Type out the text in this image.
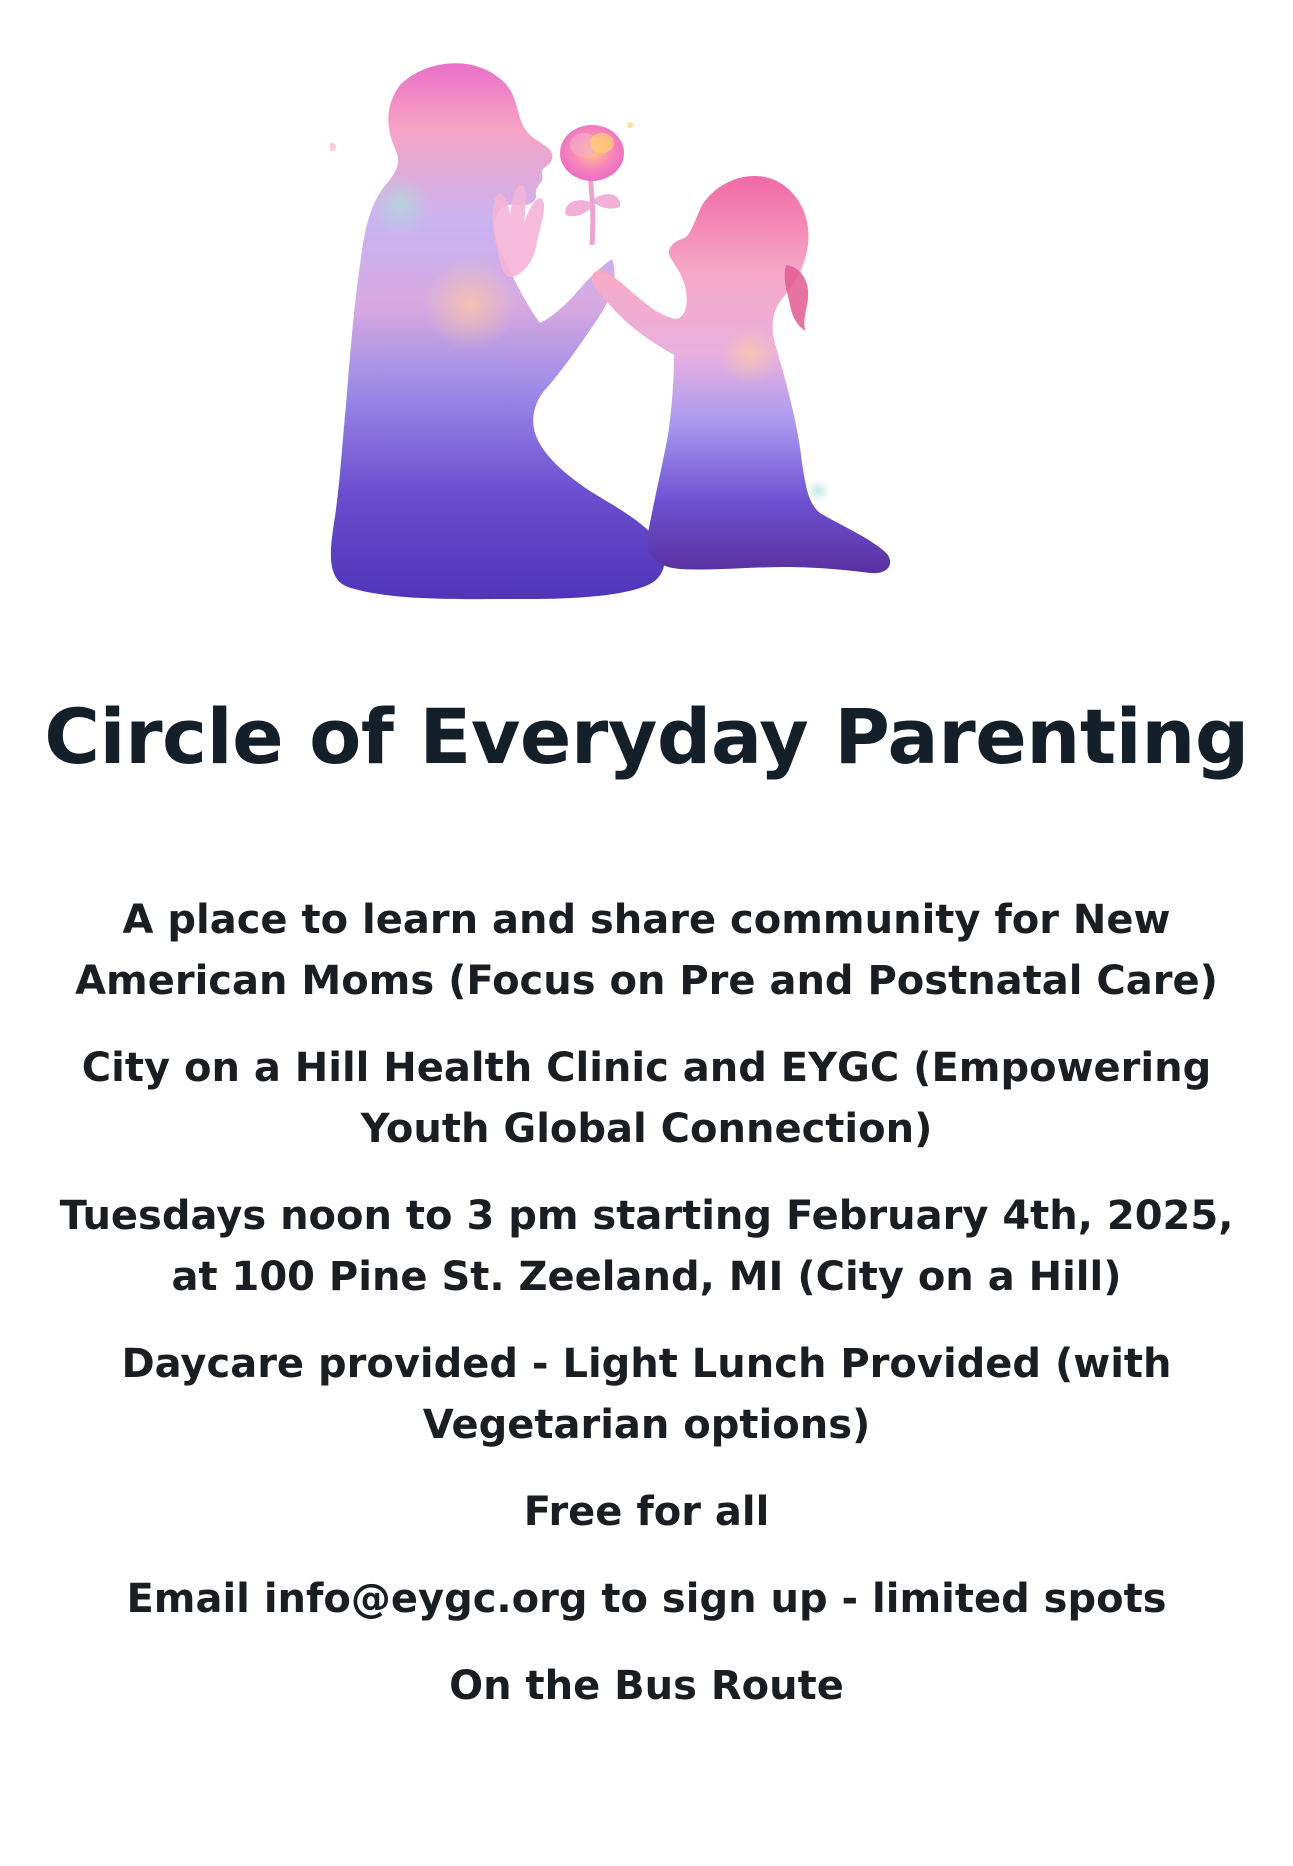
Circle of Everyday Parenting

A place to learn and share community for New American Moms (Focus on Pre and Postnatal Care)

City on a Hill Health Clinic and EYGC (Empowering Youth Global Connection)

Tuesdays noon to 3 pm starting February 4th, 2025, at 100 Pine St. Zeeland, MI (City on a Hill)

Daycare provided - Light Lunch Provided (with Vegetarian options)

Free for all

Email info@eygc.org to sign up - limited spots

On the Bus Route
